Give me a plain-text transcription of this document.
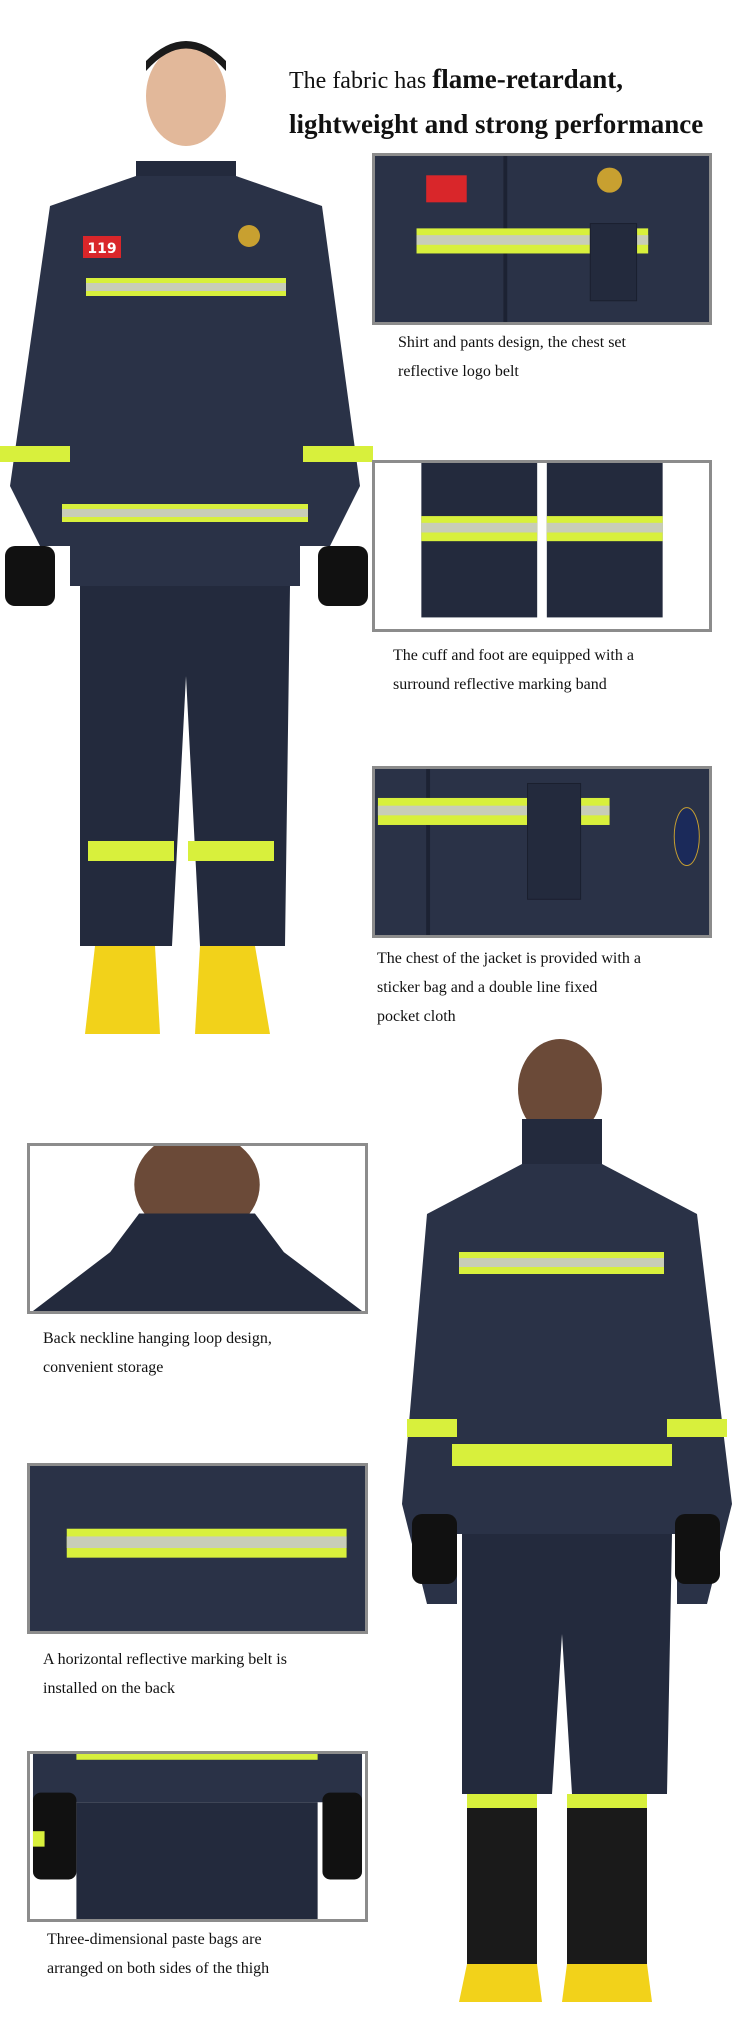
The fabric has flame-retardant,
lightweight and strong performance
119
Shirt and pants design, the chest set
reflective logo belt
The cuff and foot are equipped with a
surround reflective marking band
The chest of the jacket is provided with a
sticker bag and a double line fixed
pocket cloth
Back neckline hanging loop design,
convenient storage
A horizontal reflective marking belt is
installed on the back
Three-dimensional paste bags are
arranged on both sides of the thigh
